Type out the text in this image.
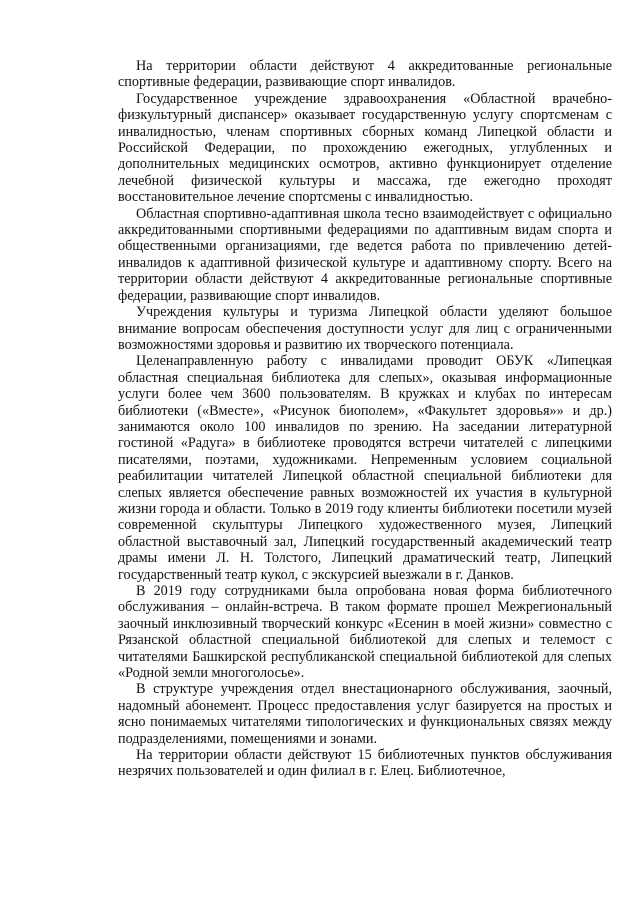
На территории области действуют 4 аккредитованные региональные спортивные федерации, развивающие спорт инвалидов.

Государственное учреждение здравоохранения «Областной врачебно-физкультурный диспансер» оказывает государственную услугу спортсменам с инвалидностью, членам спортивных сборных команд Липецкой области и Российской Федерации, по прохождению ежегодных, углубленных и дополнительных медицинских осмотров, активно функционирует отделение лечебной физической культуры и массажа, где ежегодно проходят восстановительное лечение спортсмены с инвалидностью.

Областная спортивно-адаптивная школа тесно взаимодействует с официально аккредитованными спортивными федерациями по адаптивным видам спорта и общественными организациями, где ведется работа по привлечению детей-инвалидов к адаптивной физической культуре и адаптивному спорту. Всего на территории области действуют 4 аккредитованные региональные спортивные федерации, развивающие спорт инвалидов.

Учреждения культуры и туризма Липецкой области уделяют большое внимание вопросам обеспечения доступности услуг для лиц с ограниченными возможностями здоровья и развитию их творческого потенциала.

Целенаправленную работу с инвалидами проводит ОБУК «Липецкая областная специальная библиотека для слепых», оказывая информационные услуги более чем 3600 пользователям. В кружках и клубах по интересам библиотеки («Вместе», «Рисунок биополем», «Факультет здоровья»» и др.) занимаются около 100 инвалидов по зрению. На заседании литературной гостиной «Радуга» в библиотеке проводятся встречи читателей с липецкими писателями, поэтами, художниками. Непременным условием социальной реабилитации читателей Липецкой областной специальной библиотеки для слепых является обеспечение равных возможностей их участия в культурной жизни города и области. Только в 2019 году клиенты библиотеки посетили музей современной скульптуры Липецкого художественного музея, Липецкий областной выставочный зал, Липецкий государственный академический театр драмы имени Л. Н. Толстого, Липецкий драматический театр, Липецкий государственный театр кукол, с экскурсией выезжали в г. Данков.

В 2019 году сотрудниками была опробована новая форма библиотечного обслуживания – онлайн-встреча. В таком формате прошел Межрегиональный заочный инклюзивный творческий конкурс «Есенин в моей жизни» совместно с Рязанской областной специальной библиотекой для слепых и телемост с читателями Башкирской республиканской специальной библиотекой для слепых «Родной земли многоголосье».

В структуре учреждения отдел внестационарного обслуживания, заочный, надомный абонемент. Процесс предоставления услуг базируется на простых и ясно понимаемых читателями типологических и функциональных связях между подразделениями, помещениями и зонами.

На территории области действуют 15 библиотечных пунктов обслуживания незрячих пользователей и один филиал в г. Елец. Библиотечное,
